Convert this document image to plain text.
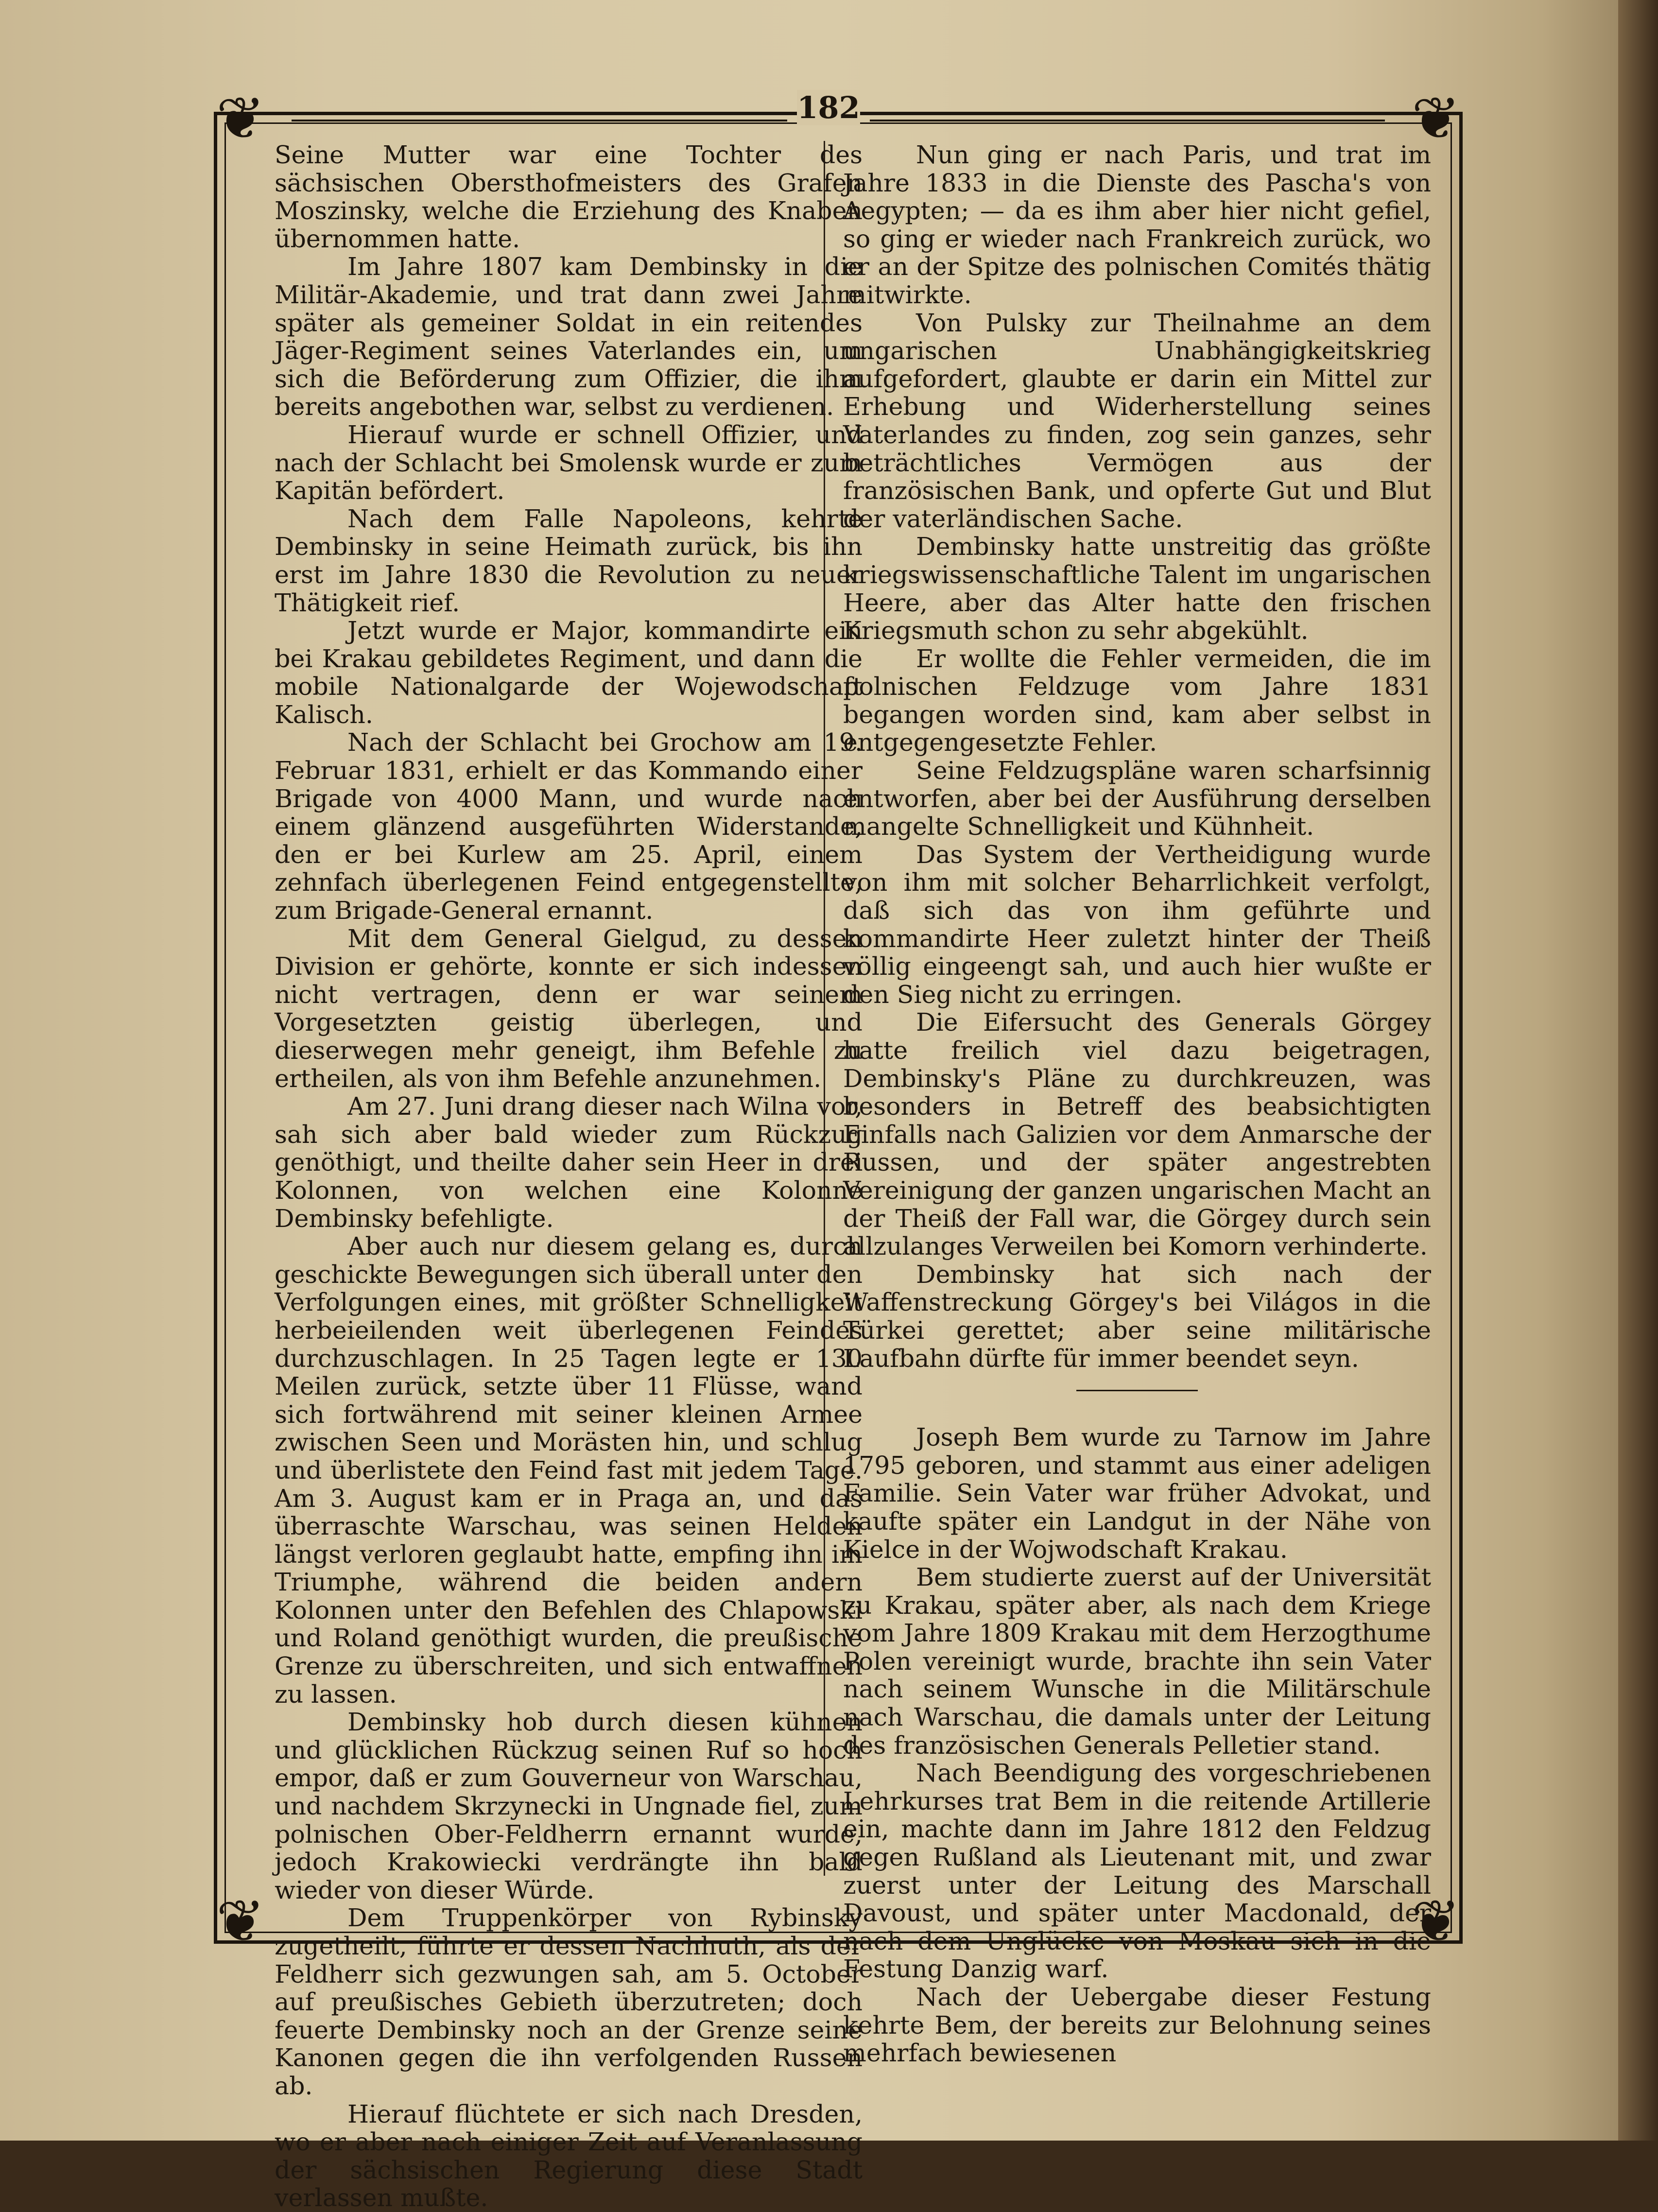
182
❦	❦
❦	❦

Seine Mutter war eine Tochter des sächsischen Obersthofmeisters des Grafen Moszinsky, welche die Erziehung des Knaben übernommen hatte.

Im Jahre 1807 kam Dembinsky in die Militär-Akademie, und trat dann zwei Jahre später als gemeiner Soldat in ein reitendes Jäger-Regiment seines Vaterlandes ein, um sich die Beförderung zum Offizier, die ihm bereits angebothen war, selbst zu verdienen.

Hierauf wurde er schnell Offizier, und nach der Schlacht bei Smolensk wurde er zum Kapitän befördert.

Nach dem Falle Napoleons, kehrte Dembinsky in seine Heimath zurück, bis ihn erst im Jahre 1830 die Revolution zu neuer Thätigkeit rief.

Jetzt wurde er Major, kommandirte ein bei Krakau gebildetes Regiment, und dann die mobile Nationalgarde der Wojewodschaft Kalisch.

Nach der Schlacht bei Grochow am 19. Februar 1831, erhielt er das Kommando einer Brigade von 4000 Mann, und wurde nach einem glänzend ausgeführten Widerstande, den er bei Kurlew am 25. April, einem zehnfach überlegenen Feind entgegenstellte, zum Brigade-General ernannt.

Mit dem General Gielgud, zu dessen Division er gehörte, konnte er sich indessen nicht vertragen, denn er war seinem Vorgesetzten geistig überlegen, und dieserwegen mehr geneigt, ihm Befehle zu ertheilen, als von ihm Befehle anzunehmen.

Am 27. Juni drang dieser nach Wilna vor, sah sich aber bald wieder zum Rückzug genöthigt, und theilte daher sein Heer in drei Kolonnen, von welchen eine Kolonne Dembinsky befehligte.

Aber auch nur diesem gelang es, durch geschickte Bewegungen sich überall unter den Verfolgungen eines, mit größter Schnelligkeit herbeieilenden weit überlegenen Feindes durchzuschlagen. In 25 Tagen legte er 130 Meilen zurück, setzte über 11 Flüsse, wand sich fortwährend mit seiner kleinen Armee zwischen Seen und Morästen hin, und schlug und überlistete den Feind fast mit jedem Tage. Am 3. August kam er in Praga an, und das überraschte Warschau, was seinen Helden längst verloren geglaubt hatte, empfing ihn im Triumphe, während die beiden andern Kolonnen unter den Befehlen des Chlapowski und Roland genöthigt wurden, die preußische Grenze zu überschreiten, und sich entwaffnen zu lassen.

Dembinsky hob durch diesen kühnen und glücklichen Rückzug seinen Ruf so hoch empor, daß er zum Gouverneur von Warschau, und nachdem Skrzynecki in Ungnade fiel, zum polnischen Ober-Feldherrn ernannt wurde, jedoch Krakowiecki verdrängte ihn bald wieder von dieser Würde.

Dem Truppenkörper von Rybinsky zugetheilt, führte er dessen Nachhuth, als der Feldherr sich gezwungen sah, am 5. October auf preußisches Gebieth überzutreten; doch feuerte Dembinsky noch an der Grenze seine Kanonen gegen die ihn verfolgenden Russen ab.

Hierauf flüchtete er sich nach Dresden, wo er aber nach einiger Zeit auf Veranlassung der sächsischen Regierung diese Stadt verlassen mußte.

Nun ging er nach Paris, und trat im Jahre 1833 in die Dienste des Pascha's von Aegypten; — da es ihm aber hier nicht gefiel, so ging er wieder nach Frankreich zurück, wo er an der Spitze des polnischen Comités thätig mitwirkte.

Von Pulsky zur Theilnahme an dem ungarischen Unabhängigkeitskrieg aufgefordert, glaubte er darin ein Mittel zur Erhebung und Widerherstellung seines Vaterlandes zu finden, zog sein ganzes, sehr beträchtliches Vermögen aus der französischen Bank, und opferte Gut und Blut der vaterländischen Sache.

Dembinsky hatte unstreitig das größte kriegswissenschaftliche Talent im ungarischen Heere, aber das Alter hatte den frischen Kriegsmuth schon zu sehr abgekühlt.

Er wollte die Fehler vermeiden, die im polnischen Feldzuge vom Jahre 1831 begangen worden sind, kam aber selbst in entgegengesetzte Fehler.

Seine Feldzugspläne waren scharfsinnig entworfen, aber bei der Ausführung derselben mangelte Schnelligkeit und Kühnheit.

Das System der Vertheidigung wurde von ihm mit solcher Beharrlichkeit verfolgt, daß sich das von ihm geführte und kommandirte Heer zuletzt hinter der Theiß völlig eingeengt sah, und auch hier wußte er den Sieg nicht zu erringen.

Die Eifersucht des Generals Görgey hatte freilich viel dazu beigetragen, Dembinsky's Pläne zu durchkreuzen, was besonders in Betreff des beabsichtigten Einfalls nach Galizien vor dem Anmarsche der Russen, und der später angestrebten Vereinigung der ganzen ungarischen Macht an der Theiß der Fall war, die Görgey durch sein allzulanges Verweilen bei Komorn verhinderte.

Dembinsky hat sich nach der Waffenstreckung Görgey's bei Világos in die Türkei gerettet; aber seine militärische Laufbahn dürfte für immer beendet seyn.

Joseph Bem wurde zu Tarnow im Jahre 1795 geboren, und stammt aus einer adeligen Familie. Sein Vater war früher Advokat, und kaufte später ein Landgut in der Nähe von Kielce in der Wojwodschaft Krakau.

Bem studierte zuerst auf der Universität zu Krakau, später aber, als nach dem Kriege vom Jahre 1809 Krakau mit dem Herzogthume Polen vereinigt wurde, brachte ihn sein Vater nach seinem Wunsche in die Militärschule nach Warschau, die damals unter der Leitung des französischen Generals Pelletier stand.

Nach Beendigung des vorgeschriebenen Lehrkurses trat Bem in die reitende Artillerie ein, machte dann im Jahre 1812 den Feldzug gegen Rußland als Lieutenant mit, und zwar zuerst unter der Leitung des Marschall Davoust, und später unter Macdonald, der nach dem Unglücke von Moskau sich in die Festung Danzig warf.

Nach der Uebergabe dieser Festung kehrte Bem, der bereits zur Belohnung seines mehrfach bewiesenen
